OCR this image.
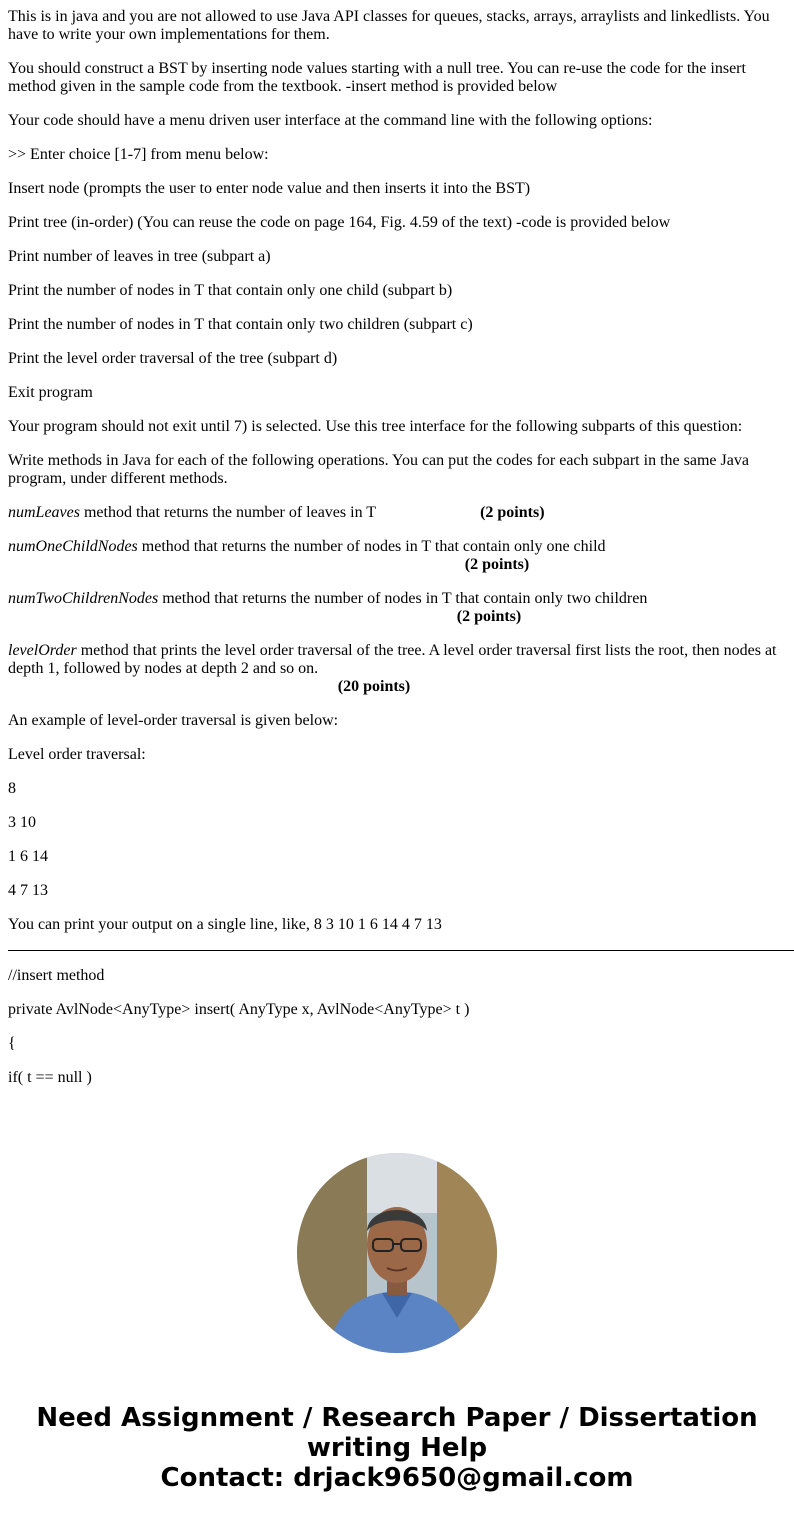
This is in java and you are not allowed to use Java API classes for queues, stacks, arrays, arraylists and linkedlists. You have to write your own implementations for them.

You should construct a BST by inserting node values starting with a null tree. You can re-use the code for the insert method given in the sample code from the textbook. -insert method is provided below

Your code should have a menu driven user interface at the command line with the following options:

>> Enter choice [1-7] from menu below:

Insert node (prompts the user to enter node value and then inserts it into the BST)

Print tree (in-order) (You can reuse the code on page 164, Fig. 4.59 of the text) -code is provided below

Print number of leaves in tree (subpart a)

Print the number of nodes in T that contain only one child (subpart b)

Print the number of nodes in T that contain only two children (subpart c)

Print the level order traversal of the tree (subpart d)

Exit program

Your program should not exit until 7) is selected. Use this tree interface for the following subparts of this question:

Write methods in Java for each of the following operations. You can put the codes for each subpart in the same Java program, under different methods.

numLeaves method that returns the number of leaves in T	(2 points)

numOneChildNodes method that returns the number of nodes in T that contain only one child
(2 points)

numTwoChildrenNodes method that returns the number of nodes in T that contain only two children
(2 points)

levelOrder method that prints the level order traversal of the tree. A level order traversal first lists the root, then nodes at depth 1, followed by nodes at depth 2 and so on.
(20 points)

An example of level-order traversal is given below:

Level order traversal:

8

3 10

1 6 14

4 7 13

You can print your output on a single line, like, 8 3 10 1 6 14 4 7 13

//insert method

private AvlNode<AnyType> insert( AnyType x, AvlNode<AnyType> t )

{

if( t == null )

Need Assignment / Research Paper / Dissertation
writing Help
Contact: drjack9650@gmail.com
